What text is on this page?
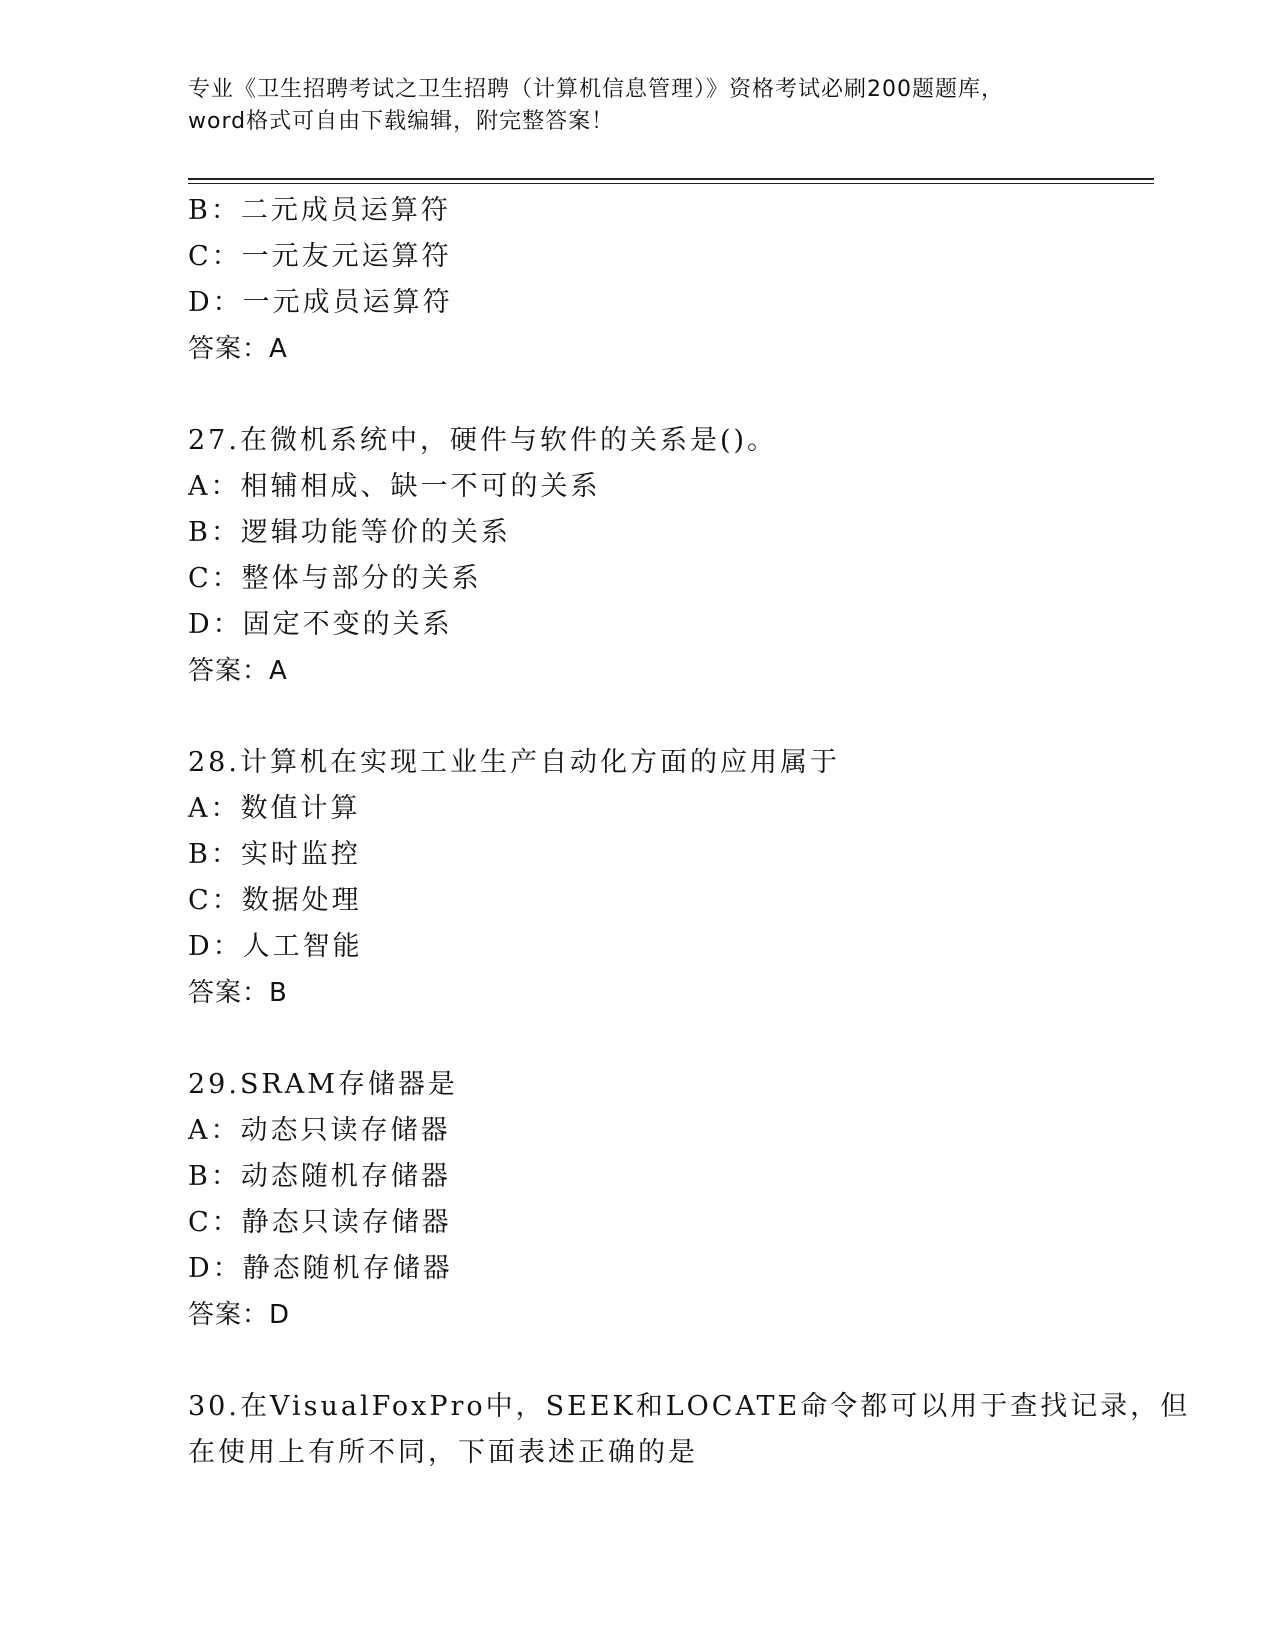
专业《卫生招聘考试之卫生招聘（计算机信息管理）》资格考试必刷200题题库，
word格式可自由下载编辑，附完整答案！
B：二元成员运算符
C：一元友元运算符
D：一元成员运算符
答案：A
27.在微机系统中，硬件与软件的关系是()。
A：相辅相成、缺一不可的关系
B：逻辑功能等价的关系
C：整体与部分的关系
D：固定不变的关系
答案：A
28.计算机在实现工业生产自动化方面的应用属于
A：数值计算
B：实时监控
C：数据处理
D：人工智能
答案：B
29.SRAM存储器是
A：动态只读存储器
B：动态随机存储器
C：静态只读存储器
D：静态随机存储器
答案：D
30.在VisualFoxPro中，SEEK和LOCATE命令都可以用于查找记录，但
在使用上有所不同，下面表述正确的是
